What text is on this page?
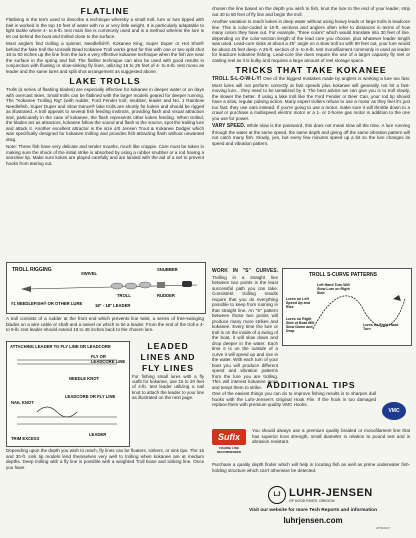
FLATLINE

Flatlining is the term used to describe a technique whereby a small troll, lure or lure tipped with bait is worked in the top 10 feet of water with no or very little weight. It is particularly adaptable to light tackle where 4- to 6-lb. test main line is commonly used and is a method wherein the lure is let out behind the boat and trolled close to the surface.

Most anglers find trolling a spinner, Needlefish®, Kokanee King, Super Duper or Hot Shot® behind the fake troll the Unrealk Bead Kokanee Troll works great for this with one or two split shot 18 to 60 inches up the line from the lure a very effective kokanee technique when the fish are near the surface in the spring and fall. The flatline technique can also be used with good results in conjunction with floating or slow-sinking fly lines, utilizing 15 to 25 feet of 4- to 6-lb. test mono as leader and the same lures and split shot arrangement as suggested above.

LAKE TROLLS

Trolls (a series of flashing blades) are especially effective for kokanee in deeper water or on days with overcast skies. Small trolls can be flatlined with the larger models geared for deeper running. The "Kokanee Trolling Rig" (with rudder, Ford Fender troll, snubber, leader and No. 1 Rainbow Needlefish, Super Duper and Slow Dance® lake trolls are shortly for kokes and should be rigged as illustrated. A troll appeals to several fish feeding instincts, providing flash and visual attraction and, particularly in the case of kokanee, the flash represents other kokes feeding. When trolled, the blades act as attractors, kokanee follow the sound and flash to the source, spot the trailing lure and attack it. Another excellent attractor is the size 4/0 Jensen Trout & Kokanee Dodger which was specifically designed for kokanee trolling and provides fish-attracting flash without unwanted drag.

Note: These fish have very delicate and tender mouths, much like crappie. Care must be taken in making sure the shock of the initial strike is absorbed by using a rubber snubber or a rod having a sensitive tip. Make sure kokes are played carefully and are landed with the aid of a net to prevent hooks from tearing out.

TROLL RIGGING
SWIVEL
SNUBBER
TROLL	RUDDER
#1 NEEDLEFISH® OR OTHER LURE	18" - 18" LEADER

A troll consists of a rudder at the front end which prevents line twist, a series of free-swinging blades on a wire cable or shaft and a swivel on which to tie a leader. From the end of the troll a 4- to 6-lb. test leader should extend 18 to 48 inches back to the chosen lure.

ATTACHING LEADER TO FLY LINE OR LEADCORE
NAIL KNOT
NEEDLE KNOT
LEADCORE OR FLY LINE
TRIM EXCESS
FLY OR LEADCORE LINE
LEADER
LEADED
LINES AND
FLY LINES

For fishing small lures with a fly outfit for kokanee, use 15 to 20 feet of 4-lb. test leader utilizing a nail knot to attach the leader to your line as illustrated on the next page.

Depending upon the depth you wish to reach, fly lines can be floaters, sinkers, or sink tips. The 15 and 30-ft. sink tip models lend themselves very well to trolling when kokanee are at medium depths. Deep trolling with a fly line is possible with a weighted Troll Ease and sinking line. Once you have

chosen the line based on the depth you wish to fish, knot the lure to the end of your leader, strip out 40 to 60 feet of fly line and begin the troll.

Another variation to reach kokes in deep water without using heavy leads or large trolls is leadcore line. This is color-coded in 10-ft. sections and anglers often refer to distances in terms of how many colors they have out. For example, "three colors" which would translate into 30 feet of line, depending on the color-section length of the lead core you choose, plus whatever leader length was used. Lead-core sinks at about a 45° angle on a slow troll so with 90 feet out, your lure would be about 45 feet deep. A 25-ft. section of 4- to 6-lb. test monofilament commonly is used as leader for leadcore kokanee fishing. Lead-core line does require the use of a larger capacity fly reel or casting reel as it is bulky and requires a large amount of reel storage space.

TRICKS THAT TAKE KOKANEE

TROLL S-L-O-W-L-Y! One of the biggest mistakes made by anglers is working a lure too fast. Most lures will not perform correctly at fast speeds plus kokanee will generally not hit a fast-moving lure... they need to be tantalized by it. The best advice we can give you is to troll slowly, the slower the better. If using a lake troll like the Ford Fender or Beer Can, your rod tip should have a slow, regular pulsing action. Many expert trollers refuse to use a motor as they feel it's just too fast; they use oars instead. If you're going to use a motor, make sure it will throttle down to a crawl or purchase a multispeed electric motor or a 1- or 2-horse gas motor in addition to the one you use for power.

VARY SPEED. While slow is the password, this does not mean slow all the time. A lure running through the water at the same speed, the same depth and giving off the same vibration pattern will not catch many fish. Slowly, yes, but every few minutes speed up a bit so the lure changes its speed and vibration pattern.

WORK IN "S" CURVES. Trolling in a straight line between two points is the least successful path you can take. Consistent trolling results require that you do everything possible to keep from running in that straight line. An "S" pattern between those two points will produce many more strikes and kokanee. Every time the lure or troll is on the inside of a swing of the boat, it will slow down and drop deeper in the water. Each time it is on the outside of a curve it will speed up and rise in the water. With each turn of your boat you will produce different speed and vibration patterns from the lure you are trolling. This will interest kokanee more and tempt them to strike.

TROLL S-CURVE PATTERNS
Lures on Left Speed Up and Rise
Left Hand Turn Will Slow Lure on Right Side
Lures on Right Side of Boat Will Slow Down and Drop
Lures on Right Hand Turn
ADDITIONAL TIPS

One of the easiest things you can do to improve fishing results is to sharpen dull hooks with the Luhr-Jensen's Original Hook File. If the hook is too damaged replace them with premium quality VMC Hooks.

VMC
Sufix
FISHING LINE RECOMMENDED

You should always use a premium quality braided or monofilament line that has superior knot strength, small diameter in relation to pound test and is abrasion resistant.

Purchase a quality depth finder which will help in locating fish as well as prime underwater fish-holding structure which can't otherwise be detected.

LJ LUHR-JENSEN
OF HOOD RIVER, OREGON
Visit our website for more Tech Reports and information
luhrjensen.com
2876/2017
